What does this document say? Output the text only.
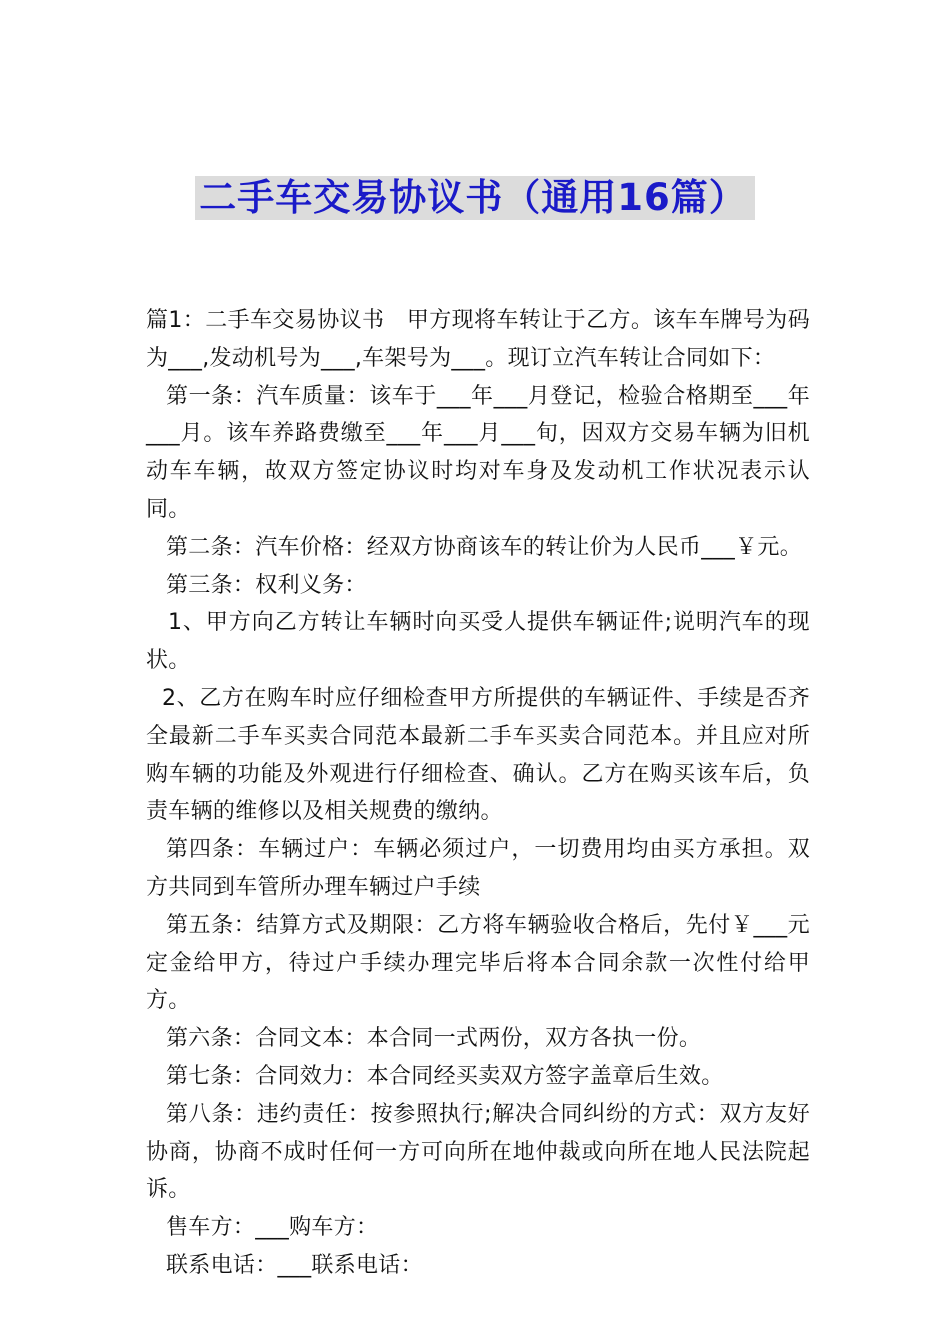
二手车交易协议书（通用16篇）

篇1：二手车交易协议书　甲方现将车转让于乙方。该车车牌号为码为___,发动机号为___,车架号为___。现订立汽车转让合同如下：

第一条：汽车质量：该车于___年___月登记，检验合格期至___年___月。该车养路费缴至___年___月___旬，因双方交易车辆为旧机动车车辆，故双方签定协议时均对车身及发动机工作状况表示认同。

第二条：汽车价格：经双方协商该车的转让价为人民币___￥元。

第三条：权利义务：

1、甲方向乙方转让车辆时向买受人提供车辆证件;说明汽车的现状。

2、乙方在购车时应仔细检查甲方所提供的车辆证件、手续是否齐全最新二手车买卖合同范本最新二手车买卖合同范本。并且应对所购车辆的功能及外观进行仔细检查、确认。乙方在购买该车后，负责车辆的维修以及相关规费的缴纳。

第四条：车辆过户：车辆必须过户，一切费用均由买方承担。双方共同到车管所办理车辆过户手续

第五条：结算方式及期限：乙方将车辆验收合格后，先付￥___元定金给甲方，待过户手续办理完毕后将本合同余款一次性付给甲方。

第六条：合同文本：本合同一式两份，双方各执一份。

第七条：合同效力：本合同经买卖双方签字盖章后生效。

第八条：违约责任：按参照执行;解决合同纠纷的方式：双方友好协商，协商不成时任何一方可向所在地仲裁或向所在地人民法院起诉。

售车方：___购车方：

联系电话：___联系电话：
